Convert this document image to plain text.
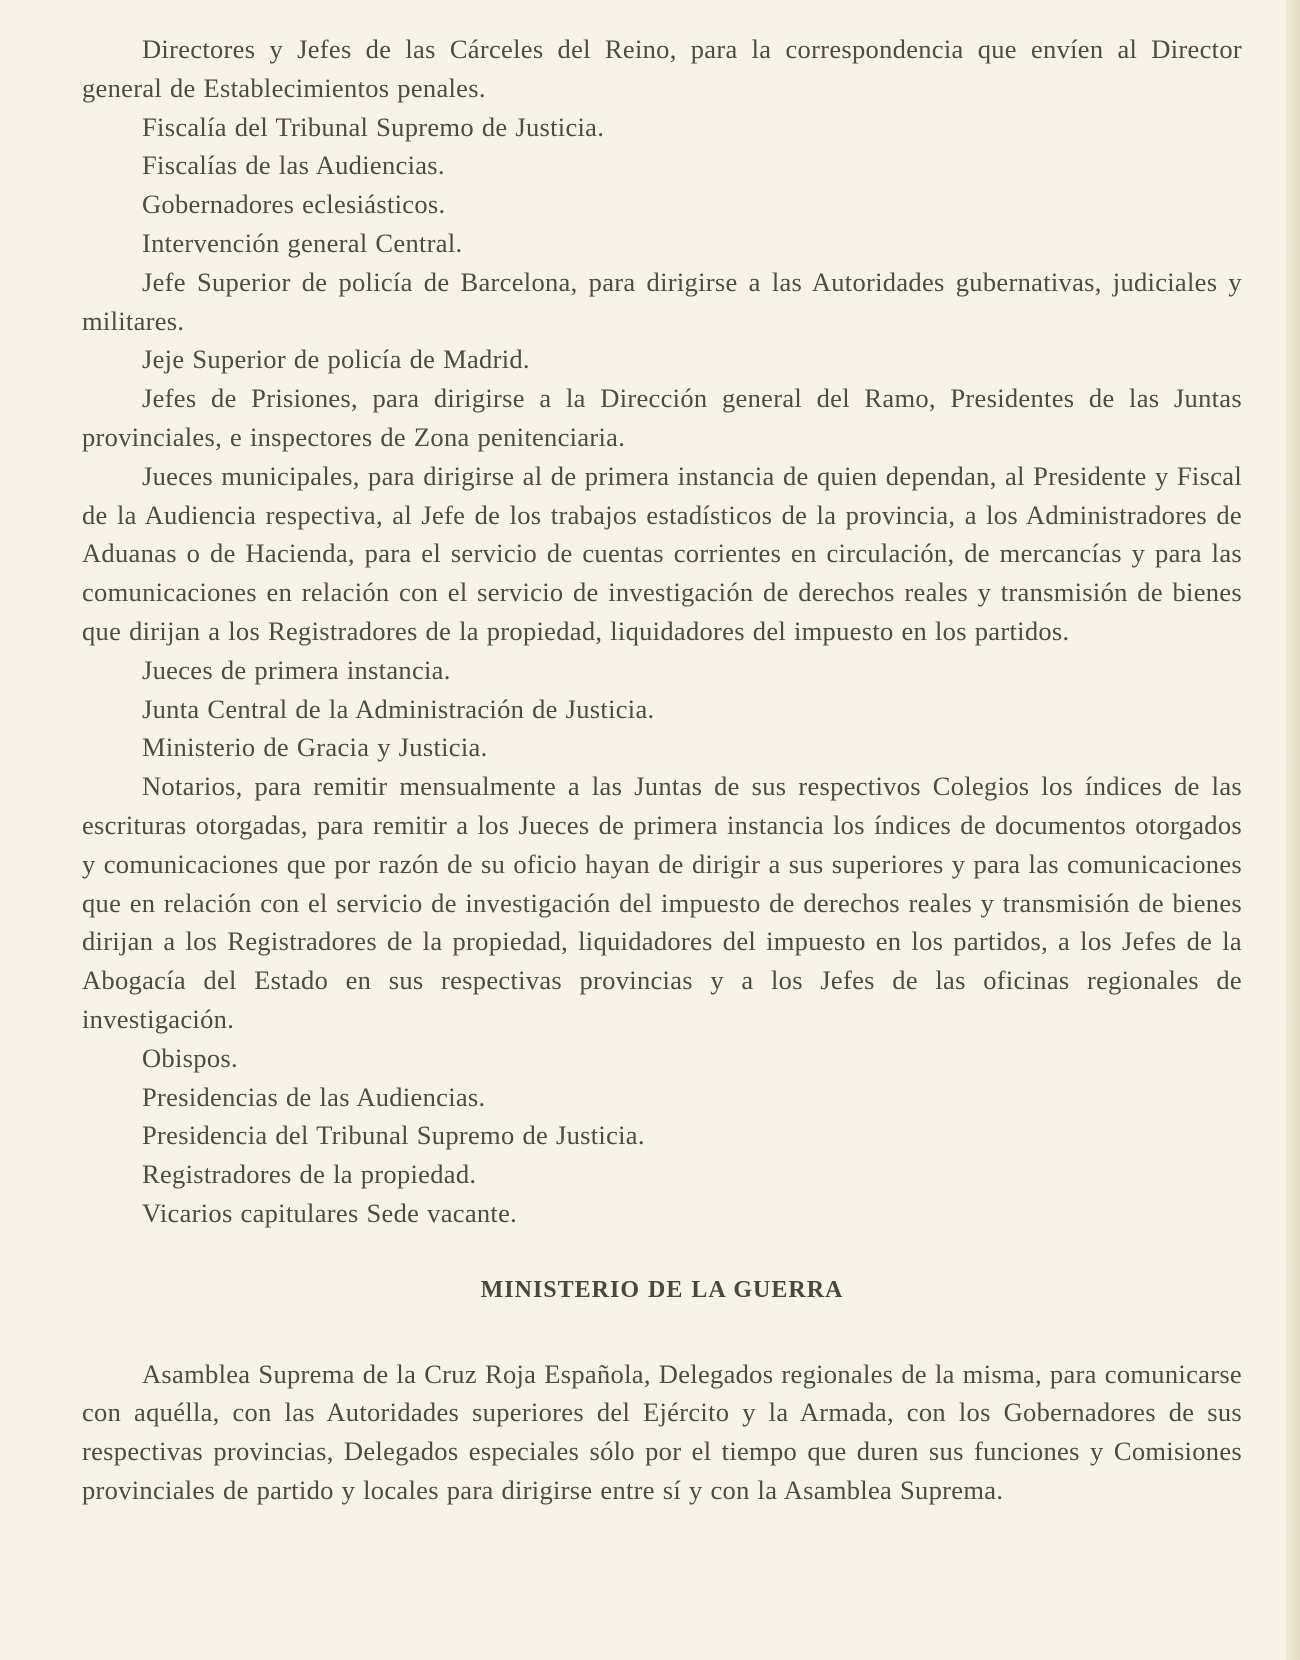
Directores y Jefes de las Cárceles del Reino, para la correspondencia que envíen al Director general de Establecimientos penales.

Fiscalía del Tribunal Supremo de Justicia.

Fiscalías de las Audiencias.

Gobernadores eclesiásticos.

Intervención general Central.

Jefe Superior de policía de Barcelona, para dirigirse a las Autoridades gubernativas, judiciales y militares.

Jeje Superior de policía de Madrid.

Jefes de Prisiones, para dirigirse a la Dirección general del Ramo, Presidentes de las Juntas provinciales, e inspectores de Zona penitenciaria.

Jueces municipales, para dirigirse al de primera instancia de quien dependan, al Presidente y Fiscal de la Audiencia respectiva, al Jefe de los trabajos estadísticos de la provincia, a los Administradores de Aduanas o de Hacienda, para el servicio de cuentas corrientes en circulación, de mercancías y para las comunicaciones en relación con el servicio de investigación de derechos reales y transmisión de bienes que dirijan a los Registradores de la propiedad, liquidadores del impuesto en los partidos.

Jueces de primera instancia.

Junta Central de la Administración de Justicia.

Ministerio de Gracia y Justicia.

Notarios, para remitir mensualmente a las Juntas de sus respectivos Colegios los índices de las escrituras otorgadas, para remitir a los Jueces de primera instancia los índices de documentos otorgados y comunicaciones que por razón de su oficio hayan de dirigir a sus superiores y para las comunicaciones que en relación con el servicio de investigación del impuesto de derechos reales y transmisión de bienes dirijan a los Registradores de la propiedad, liquidadores del impuesto en los partidos, a los Jefes de la Abogacía del Estado en sus respectivas provincias y a los Jefes de las oficinas regionales de investigación.

Obispos.

Presidencias de las Audiencias.

Presidencia del Tribunal Supremo de Justicia.

Registradores de la propiedad.

Vicarios capitulares Sede vacante.

MINISTERIO DE LA GUERRA

Asamblea Suprema de la Cruz Roja Española, Delegados regionales de la misma, para comunicarse con aquélla, con las Autoridades superiores del Ejército y la Armada, con los Gobernadores de sus respectivas provincias, Delegados especiales sólo por el tiempo que duren sus funciones y Comisiones provinciales de partido y locales para dirigirse entre sí y con la Asamblea Suprema.
